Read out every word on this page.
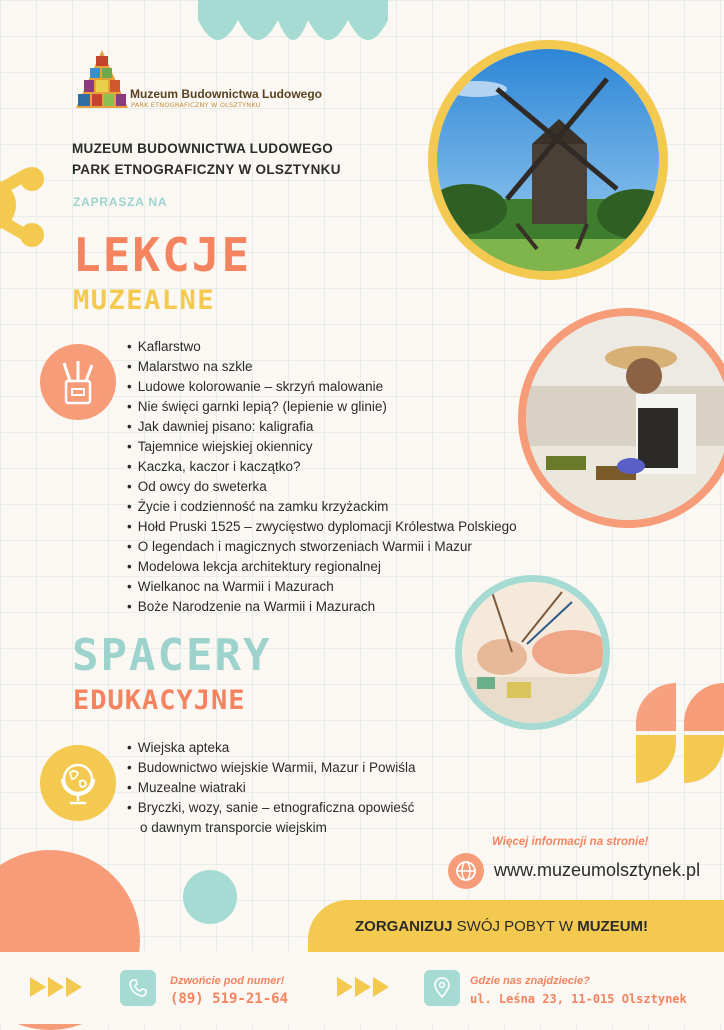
Muzeum Budownictwa Ludowego
PARK ETNOGRAFICZNY W OLSZTYNKU
MUZEUM BUDOWNICTWA LUDOWEGO
PARK ETNOGRAFICZNY W OLSZTYNKU
ZAPRASZA NA
LEKCJE
MUZEALNE
• Kaflarstwo
• Malarstwo na szkle
• Ludowe kolorowanie – skrzyń malowanie
• Nie święci garnki lepią? (lepienie w glinie)
• Jak dawniej pisano: kaligrafia
• Tajemnice wiejskiej okiennicy
• Kaczka, kaczor i kaczątko?
• Od owcy do sweterka
• Życie i codzienność na zamku krzyżackim
• Hołd Pruski 1525 – zwycięstwo dyplomacji Królestwa Polskiego
• O legendach i magicznych stworzeniach Warmii i Mazur
• Modelowa lekcja architektury regionalnej
• Wielkanoc na Warmii i Mazurach
• Boże Narodzenie na Warmii i Mazurach
SPACERY
EDUKACYJNE
• Wiejska apteka
• Budownictwo wiejskie Warmii, Mazur i Powiśla
• Muzealne wiatraki
• Bryczki, wozy, sanie – etnograficzna opowieść
o dawnym transporcie wiejskim
Więcej informacji na stronie!
www.muzeumolsztynek.pl
ZORGANIZUJ SWÓJ POBYT W MUZEUM!
Dzwońcie pod numer!
(89) 519-21-64
Gdzie nas znajdziecie?
ul. Leśna 23, 11-015 Olsztynek
